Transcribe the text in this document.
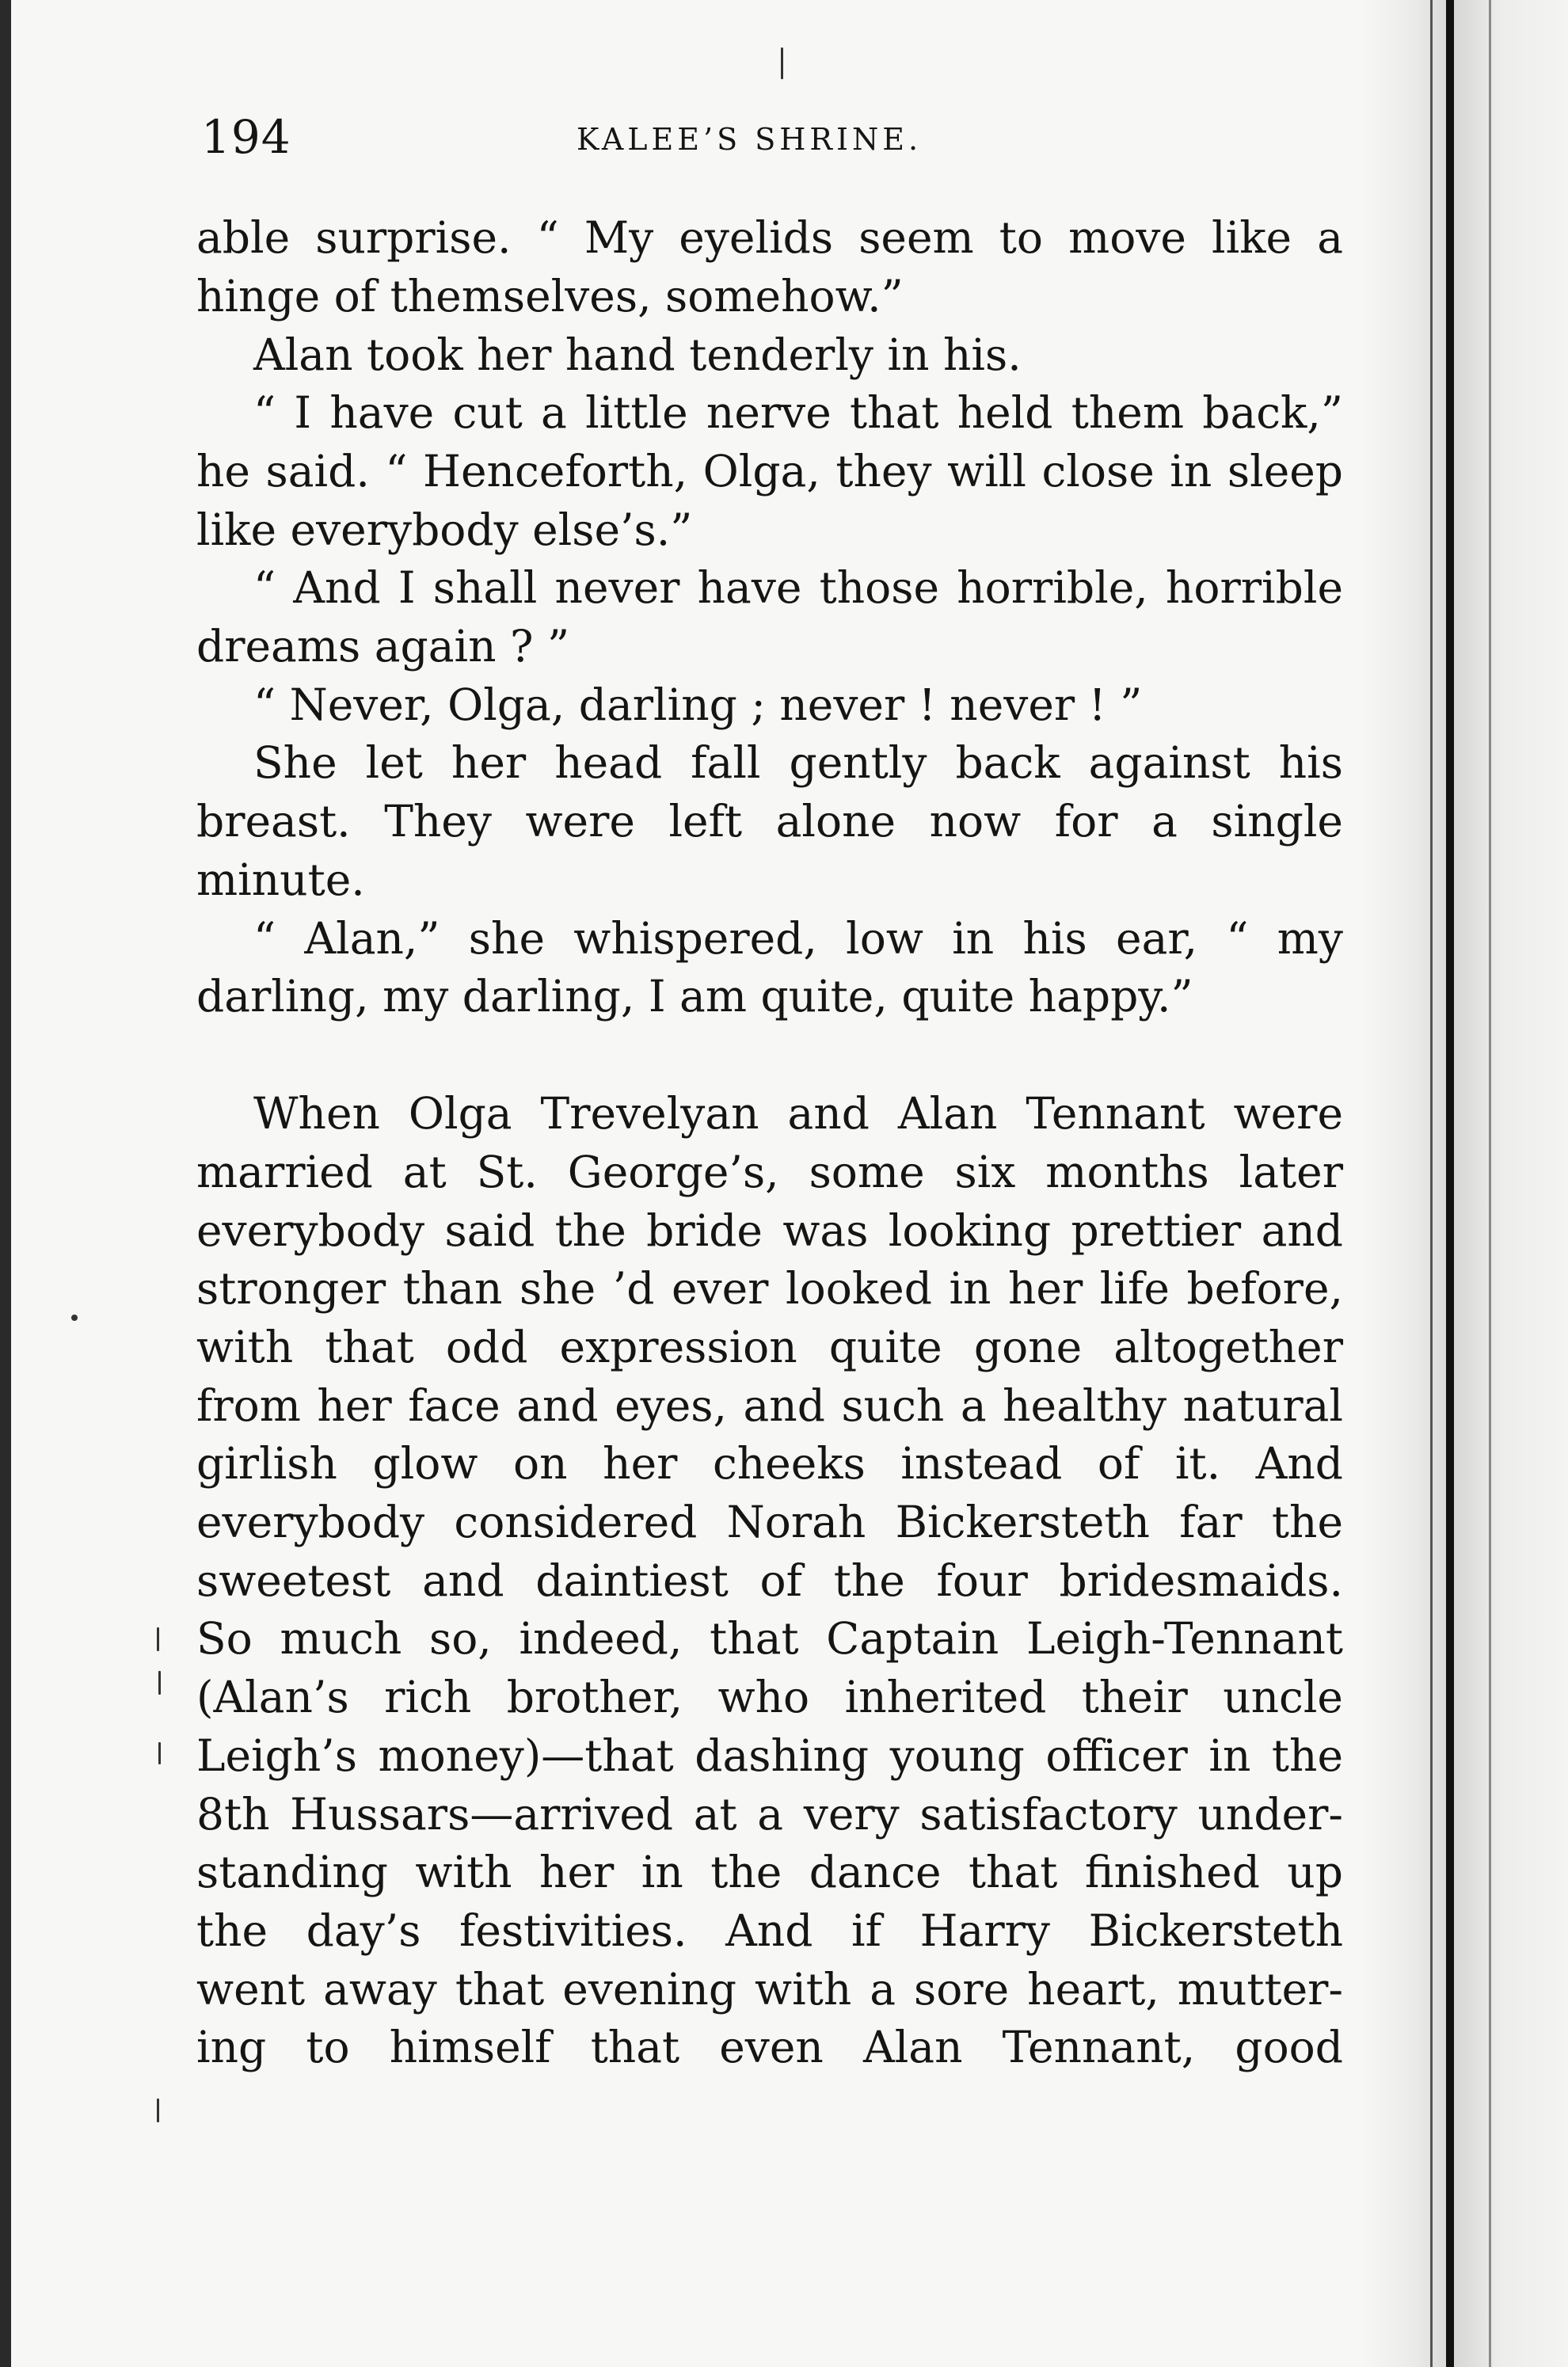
194	KALEE’S SHRINE.
able surprise. “ My eyelids seem to move like a
hinge of themselves, somehow.”
Alan took her hand tenderly in his.
“ I have cut a little nerve that held them back,”
he said. “ Henceforth, Olga, they will close in sleep
like everybody else’s.”
“ And I shall never have those horrible, horrible
dreams again ? ”
“ Never, Olga, darling ; never ! never ! ”
She let her head fall gently back against his
breast. They were left alone now for a single
minute.
“ Alan,” she whispered, low in his ear, “ my
darling, my darling, I am quite, quite happy.”
When Olga Trevelyan and Alan Tennant were
married at St. George’s, some six months later
everybody said the bride was looking prettier and
stronger than she ’d ever looked in her life before,
with that odd expression quite gone altogether
from her face and eyes, and such a healthy natural
girlish glow on her cheeks instead of it. And
everybody considered Norah Bickersteth far the
sweetest and daintiest of the four bridesmaids.
So much so, indeed, that Captain Leigh-Tennant
(Alan’s rich brother, who inherited their uncle
Leigh’s money)—that dashing young officer in the
8th Hussars—arrived at a very satisfactory under-
standing with her in the dance that finished up
the day’s festivities. And if Harry Bickersteth
went away that evening with a sore heart, mutter-
ing to himself that even Alan Tennant, good
